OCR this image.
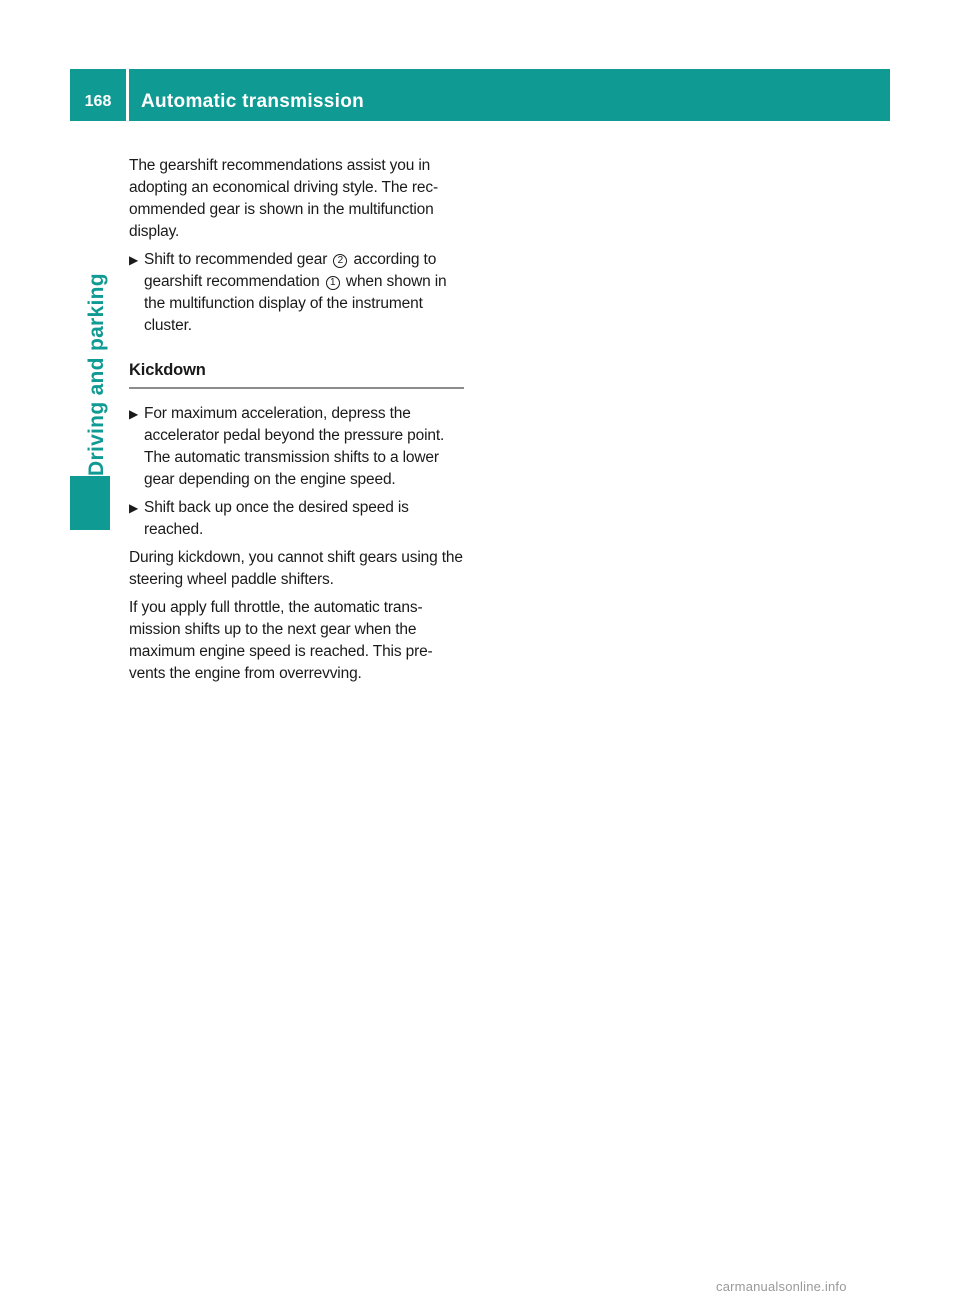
168	Automatic transmission
Driving and parking

The gearshift recommendations assist you in adopting an economical driving style. The rec-ommended gear is shown in the multifunction display.

▶ Shift to recommended gear 2 according to gearshift recommendation 1 when shown in the multifunction display of the instrument cluster.
Kickdown
▶ For maximum acceleration, depress the accelerator pedal beyond the pressure point.
The automatic transmission shifts to a lower gear depending on the engine speed.
▶ Shift back up once the desired speed is reached.

During kickdown, you cannot shift gears using the steering wheel paddle shifters.

If you apply full throttle, the automatic trans-mission shifts up to the next gear when the maximum engine speed is reached. This pre-vents the engine from overrevving.

carmanualsonline.info
